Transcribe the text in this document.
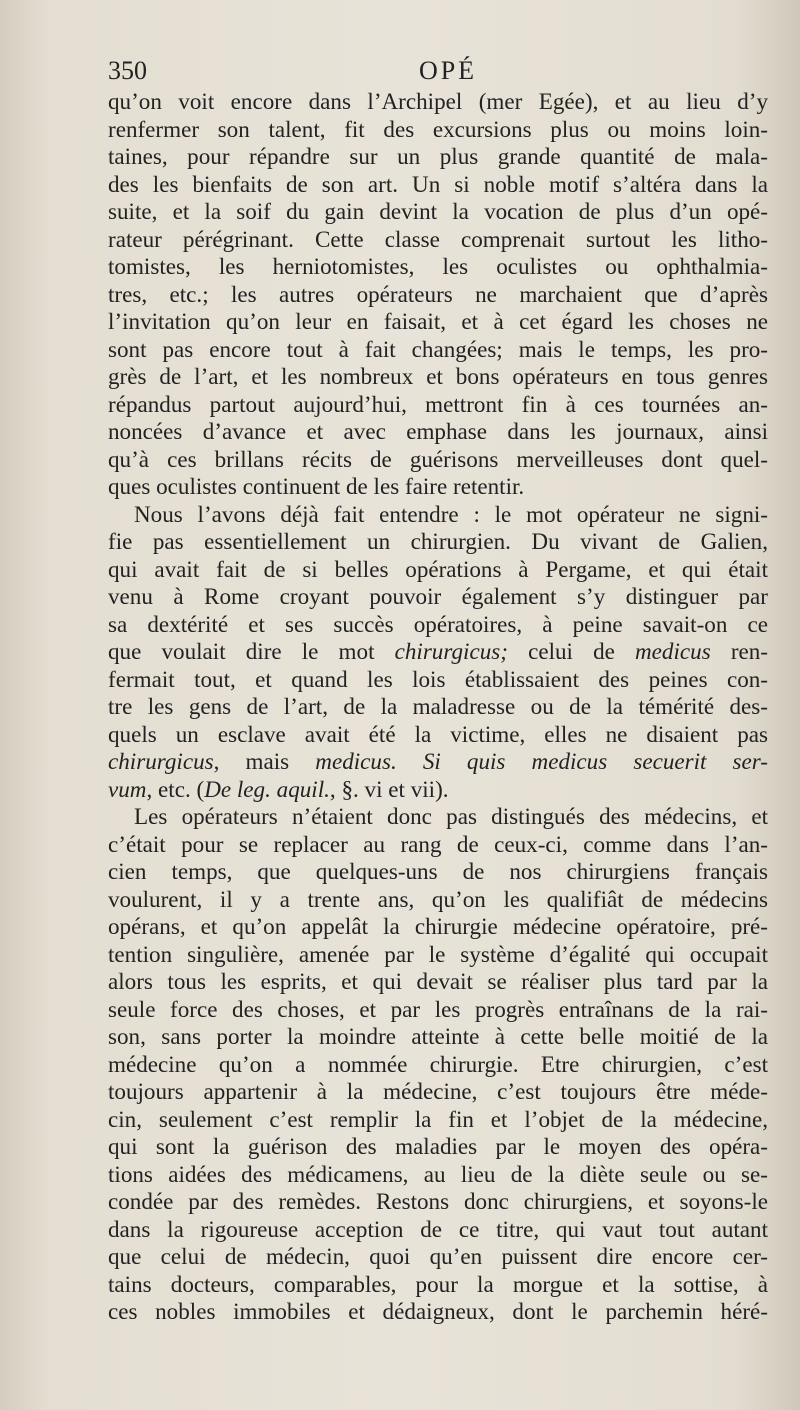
350	OPÉ
qu’on voit encore dans l’Archipel (mer Egée), et au lieu d’y
renfermer son talent, fit des excursions plus ou moins loin-
taines, pour répandre sur un plus grande quantité de mala-
des les bienfaits de son art. Un si noble motif s’altéra dans la
suite, et la soif du gain devint la vocation de plus d’un opé-
rateur pérégrinant. Cette classe comprenait surtout les litho-
tomistes, les herniotomistes, les oculistes ou ophthalmia-
tres, etc.; les autres opérateurs ne marchaient que d’après
l’invitation qu’on leur en faisait, et à cet égard les choses ne
sont pas encore tout à fait changées; mais le temps, les pro-
grès de l’art, et les nombreux et bons opérateurs en tous genres
répandus partout aujourd’hui, mettront fin à ces tournées an-
noncées d’avance et avec emphase dans les journaux, ainsi
qu’à ces brillans récits de guérisons merveilleuses dont quel-
ques oculistes continuent de les faire retentir.
Nous l’avons déjà fait entendre : le mot opérateur ne signi-
fie pas essentiellement un chirurgien. Du vivant de Galien,
qui avait fait de si belles opérations à Pergame, et qui était
venu à Rome croyant pouvoir également s’y distinguer par
sa dextérité et ses succès opératoires, à peine savait-on ce
que voulait dire le mot chirurgicus; celui de medicus ren-
fermait tout, et quand les lois établissaient des peines con-
tre les gens de l’art, de la maladresse ou de la témérité des-
quels un esclave avait été la victime, elles ne disaient pas
chirurgicus, mais medicus. Si quis medicus secuerit ser-
vum, etc. (De leg. aquil., §. vi et vii).
Les opérateurs n’étaient donc pas distingués des médecins, et
c’était pour se replacer au rang de ceux-ci, comme dans l’an-
cien temps, que quelques-uns de nos chirurgiens français
voulurent, il y a trente ans, qu’on les qualifiât de médecins
opérans, et qu’on appelât la chirurgie médecine opératoire, pré-
tention singulière, amenée par le système d’égalité qui occupait
alors tous les esprits, et qui devait se réaliser plus tard par la
seule force des choses, et par les progrès entraînans de la rai-
son, sans porter la moindre atteinte à cette belle moitié de la
médecine qu’on a nommée chirurgie. Etre chirurgien, c’est
toujours appartenir à la médecine, c’est toujours être méde-
cin, seulement c’est remplir la fin et l’objet de la médecine,
qui sont la guérison des maladies par le moyen des opéra-
tions aidées des médicamens, au lieu de la diète seule ou se-
condée par des remèdes. Restons donc chirurgiens, et soyons-le
dans la rigoureuse acception de ce titre, qui vaut tout autant
que celui de médecin, quoi qu’en puissent dire encore cer-
tains docteurs, comparables, pour la morgue et la sottise, à
ces nobles immobiles et dédaigneux, dont le parchemin héré-
